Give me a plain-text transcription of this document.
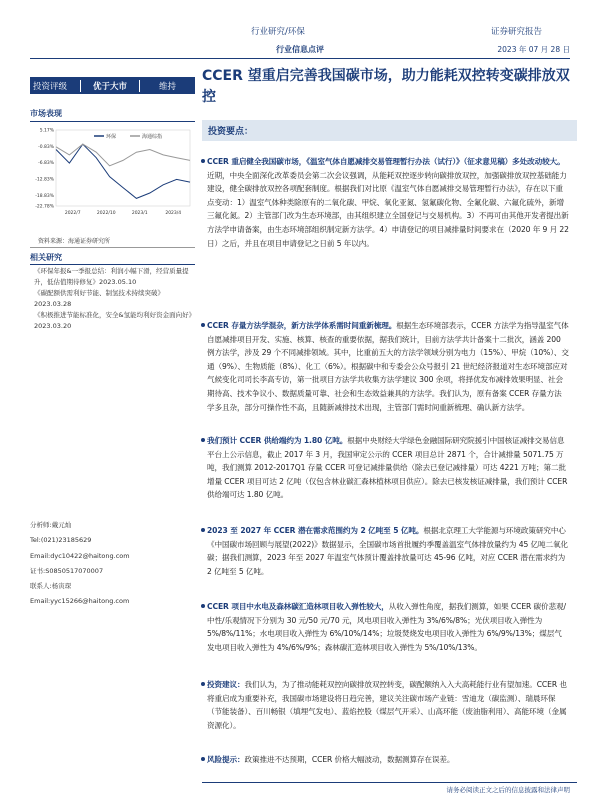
行业研究/环保	证券研究报告
行业信息点评	2023 年 07 月 28 日
投资评级	优于大市	维持
市场表现
5.17%
-0.83%
-6.83%
-12.83%
-18.83%
-22.78%
2022/7	2022/10	2023/1	2023/4
环保	海通综指
资料来源：海通证券研究所
相关研究

《环保年报&一季报总结：利润小幅下滑，经营质量提升，低估值期待修复》2023.05.10

《碳配额供需利好节能、制氢技术持续突破》2023.03.28

《积极推进节能标准化，安全&氢能均利好资金面向好》2023.03.20

分析师:戴元灿

Tel:(021)23185629

Email:dyc10422@haitong.com

证书:S0850517070007

联系人:杨寅琛

Email:yyc15266@haitong.com

CCER 望重启完善我国碳市场，助力能耗双控转变碳排放双控
投资要点：
CCER 重启健全我国碳市场，《温室气体自愿减排交易管理暂行办法（试行）》（征求意见稿）多处改动较大。近期，中央全面深化改革委员会第二次会议强调，从能耗双控逐步转向碳排放双控，加强碳排放双控基础能力建设，健全碳排放双控各项配套制度。根据我们对比原《温室气体自愿减排交易管理暂行办法》，存在以下重点变动：1）温室气体种类除原有的二氧化碳、甲烷、氧化亚氮、氢氟碳化物、全氟化碳、六氟化硫外，新增三氟化氮。2）主管部门改为生态环境部，由其组织建立全国登记与交易机构。3）不再可由其他开发者提出新方法学申请备案，由生态环境部组织制定新方法学。4）申请登记的项目减排量时间要求在（2020 年 9 月 22 日）之后，并且在项目申请登记之日前 5 年以内。
CCER 存量方法学混杂，新方法学体系需时间重新梳理。根据生态环境部表示，CCER 方法学为指导温室气体自愿减排项目开发、实施、核算、核查的重要依据，据我们统计，目前方法学共计备案十二批次，涵盖 200 例方法学，涉及 29 个不同减排领域。其中，比重前五大的方法学领域分别为电力（15%）、甲烷（10%）、交通（9%）、生物质能（8%）、化工（6%）。根据碳中和专委会公众号报引 21 世纪经济报道对生态环境部应对气候变化司司长李高专访，第一批项目方法学共收集方法学建议 300 余项，将择优发布减排效果明显、社会期待高、技术争议小、数据质量可靠、社会和生态效益兼具的方法学。我们认为，原有备案 CCER 存量方法学多且杂，部分可操作性不高，且随新减排技术出现，主管部门需时间重新梳理、确认新方法学。
我们预计 CCER 供给端约为 1.80 亿吨。根据中央财经大学绿色金融国际研究院援引中国核证减排交易信息平台上公示信息，截止 2017 年 3 月，我国审定公示的 CCER 项目总计 2871 个，合计减排量 5071.75 万吨，我们测算 2012-2017Q1 存量 CCER 可登记减排量供给（除去已登记减排量）可达 4221 万吨；第二批增量 CCER 项目可达 2 亿吨（仅包含林业碳汇森林植林项目供应）。除去已核发核证减排量，我们预计 CCER 供给端可达 1.80 亿吨。
2023 至 2027 年 CCER 潜在需求范围约为 2 亿吨至 5 亿吨。根据北京理工大学能源与环境政策研究中心《中国碳市场回顾与展望(2022)》数据显示，全国碳市场首批履约季覆盖温室气体排放量约为 45 亿吨二氧化碳；据我们测算，2023 年至 2027 年温室气体预计覆盖排放量可达 45-96 亿吨，对应 CCER 潜在需求约为 2 亿吨至 5 亿吨。
CCER 项目中水电及森林碳汇造林项目收入弹性较大，从收入弹性角度，据我们测算，如果 CCER 碳价悲观/中性/乐观情况下分别为 30 元/50 元/70 元，风电项目收入弹性为 3%/6%/8%；光伏项目收入弹性为 5%/8%/11%；水电项目收入弹性为 6%/10%/14%；垃圾焚烧发电项目收入弹性为 6%/9%/13%；煤层气发电项目收入弹性为 4%/6%/9%；森林碳汇造林项目收入弹性为 5%/10%/13%。
投资建议：我们认为，为了推动能耗双控向碳排放双控转变，碳配额纳入入大高耗能行业有望加速。CCER 也将重启成为重要补充，我国碳市场建设将日趋完善，建议关注碳市场产业链：雪迪龙（碳监测）、瑞晨环保（节能装备）、百川畅银（填埋气发电）、蓝焰控股（煤层气开采）、山高环能（废油脂利用）、高能环境（金属资源化）。
风险提示：政策推进不达预期，CCER 价格大幅波动，数据测算存在误差。
请务必阅读正文之后的信息披露和法律声明
